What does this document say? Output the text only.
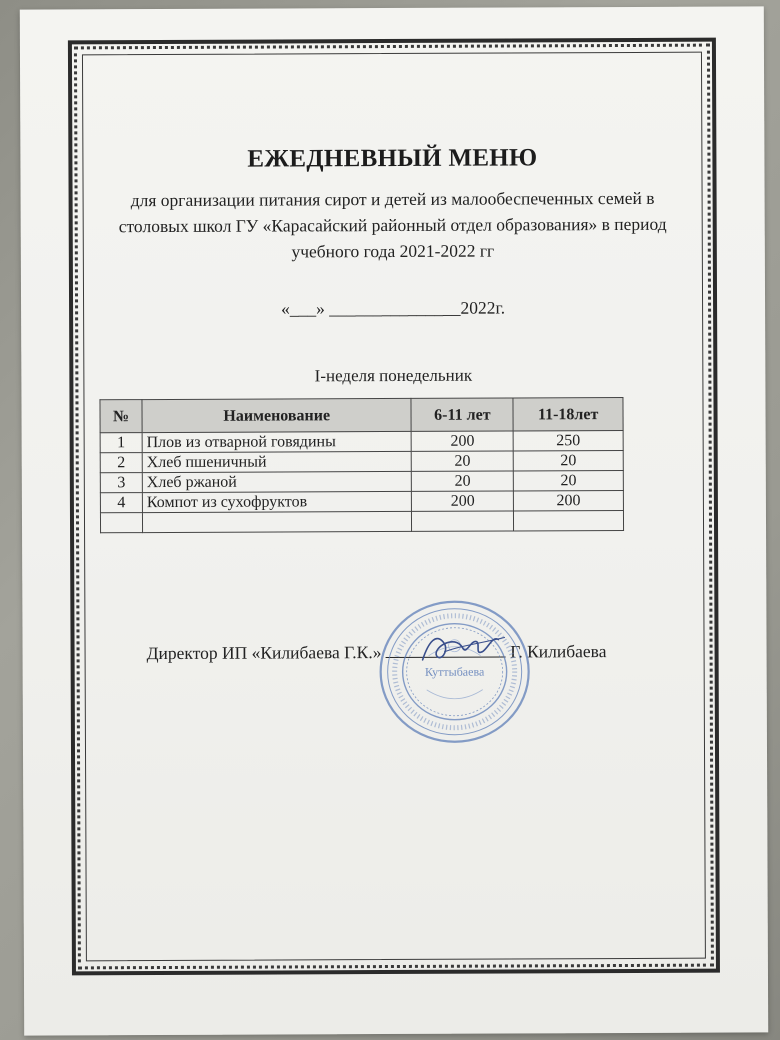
ЕЖЕДНЕВНЫЙ МЕНЮ
для организации питания сирот и детей из малообеспеченных семей в столовых школ ГУ «Карасайский районный отдел образования» в период учебного года 2021-2022 гг
«___» _______________2022г.
I-неделя понедельник
№	Наименование	6-11 лет	11-18лет
1	Плов из отварной говядины	200	250
2	Хлеб пшеничный	20	20
3	Хлеб ржаной	20	20
4	Компот из сухофруктов	200	200

Директор ИП «Килибаева Г.К.»	Г. Килибаева
Куттыбаева
